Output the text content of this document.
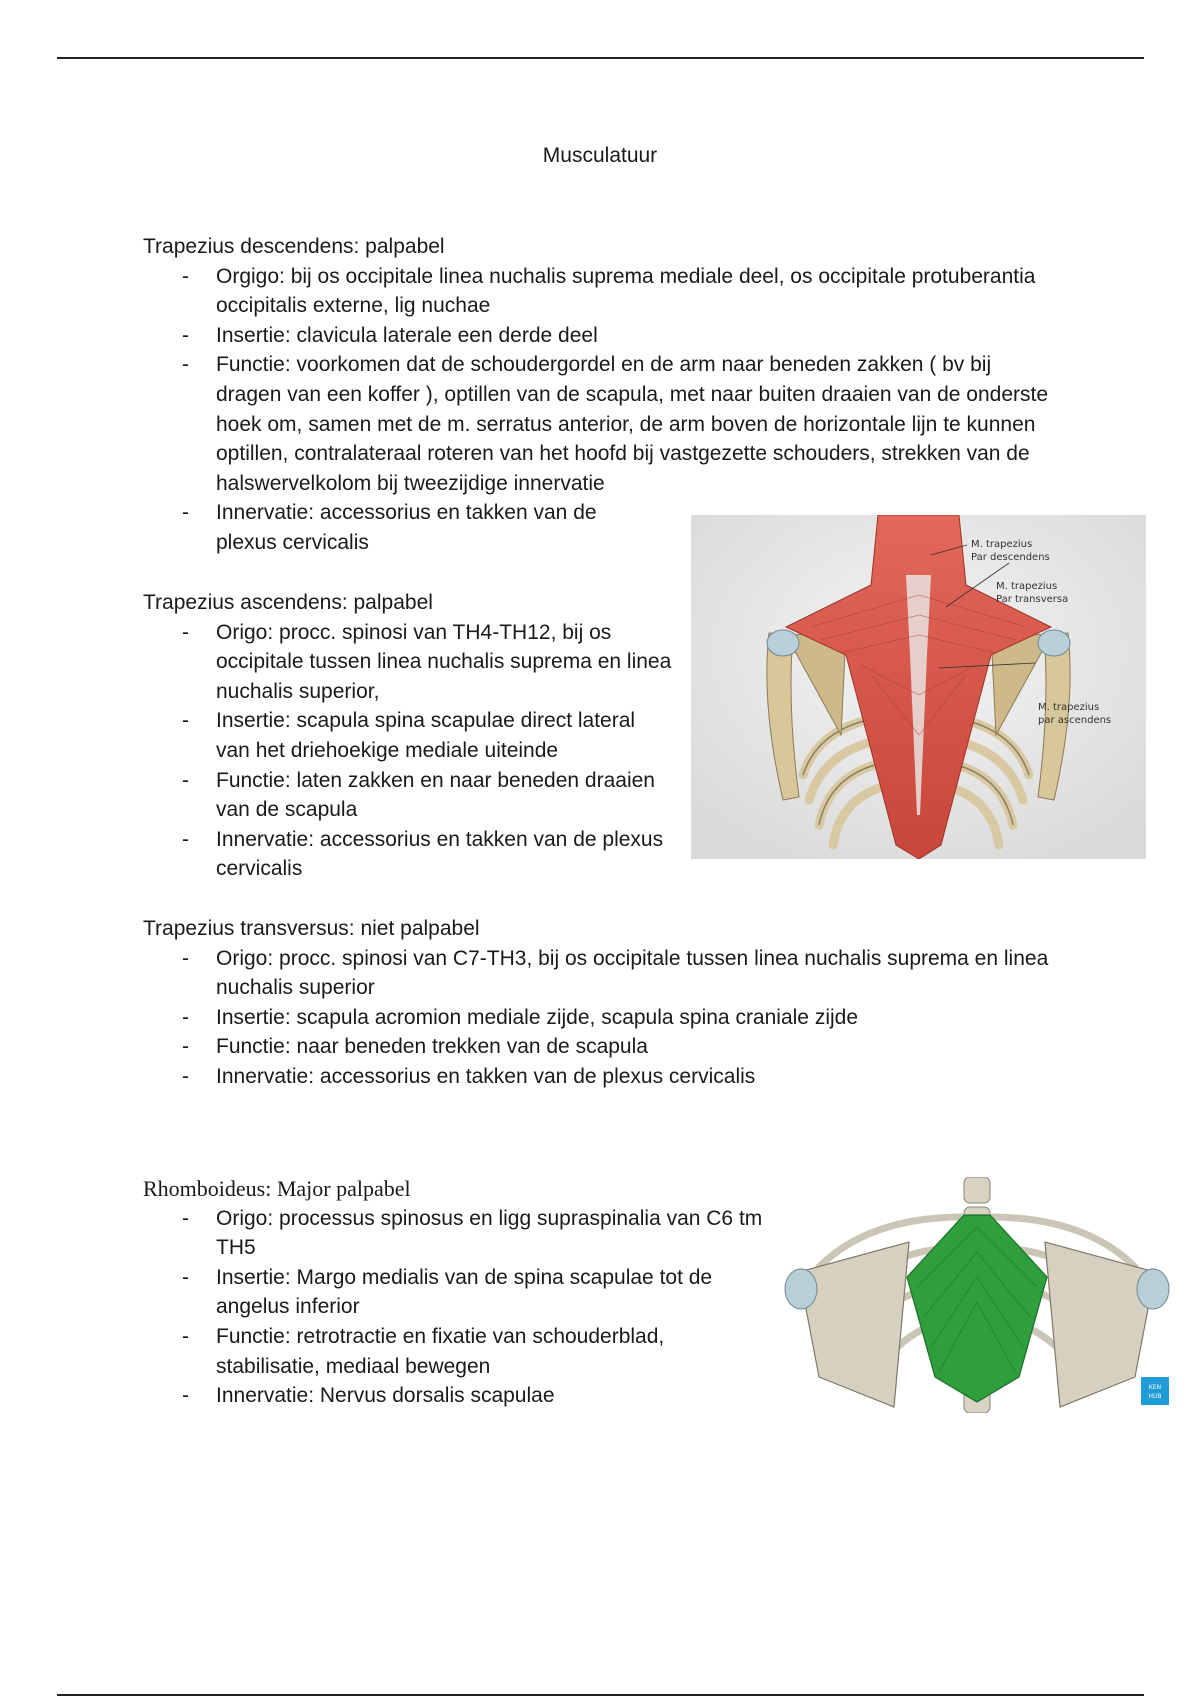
Musculatuur
Trapezius descendens: palpabel
- Orgigo: bij os occipitale linea nuchalis suprema mediale deel, os occipitale protuberantia occipitalis externe, lig nuchae
- Insertie: clavicula laterale een derde deel
- Functie: voorkomen dat de schoudergordel en de arm naar beneden zakken ( bv bij dragen van een koffer ), optillen van de scapula, met naar buiten draaien van de onderste hoek om, samen met de m. serratus anterior, de arm boven de horizontale lijn te kunnen optillen, contralateraal roteren van het hoofd bij vastgezette schouders, strekken van de halswervelkolom bij tweezijdige innervatie
- Innervatie: accessorius en takken van de plexus cervicalis
Trapezius ascendens: palpabel
- Origo: procc. spinosi van TH4-TH12, bij os occipitale tussen linea nuchalis suprema en linea nuchalis superior,
- Insertie: scapula spina scapulae direct lateral van het driehoekige mediale uiteinde
- Functie: laten zakken en naar beneden draaien van de scapula
- Innervatie: accessorius en takken van de plexus cervicalis
Trapezius transversus: niet palpabel
- Origo: procc. spinosi van C7-TH3, bij os occipitale tussen linea nuchalis suprema en linea nuchalis superior
- Insertie: scapula acromion mediale zijde, scapula spina craniale zijde
- Functie: naar beneden trekken van de scapula
- Innervatie: accessorius en takken van de plexus cervicalis
Rhomboideus: Major palpabel
- Origo: processus spinosus en ligg supraspinalia van C6 tm TH5
- Insertie: Margo medialis van de spina scapulae tot de angelus inferior
- Functie: retrotractie en fixatie van schouderblad, stabilisatie, mediaal bewegen
- Innervatie: Nervus dorsalis scapulae
M. trapezius
Par descendens
M. trapezius
Par transversa
M. trapezius
par ascendens
KEN
HUB
